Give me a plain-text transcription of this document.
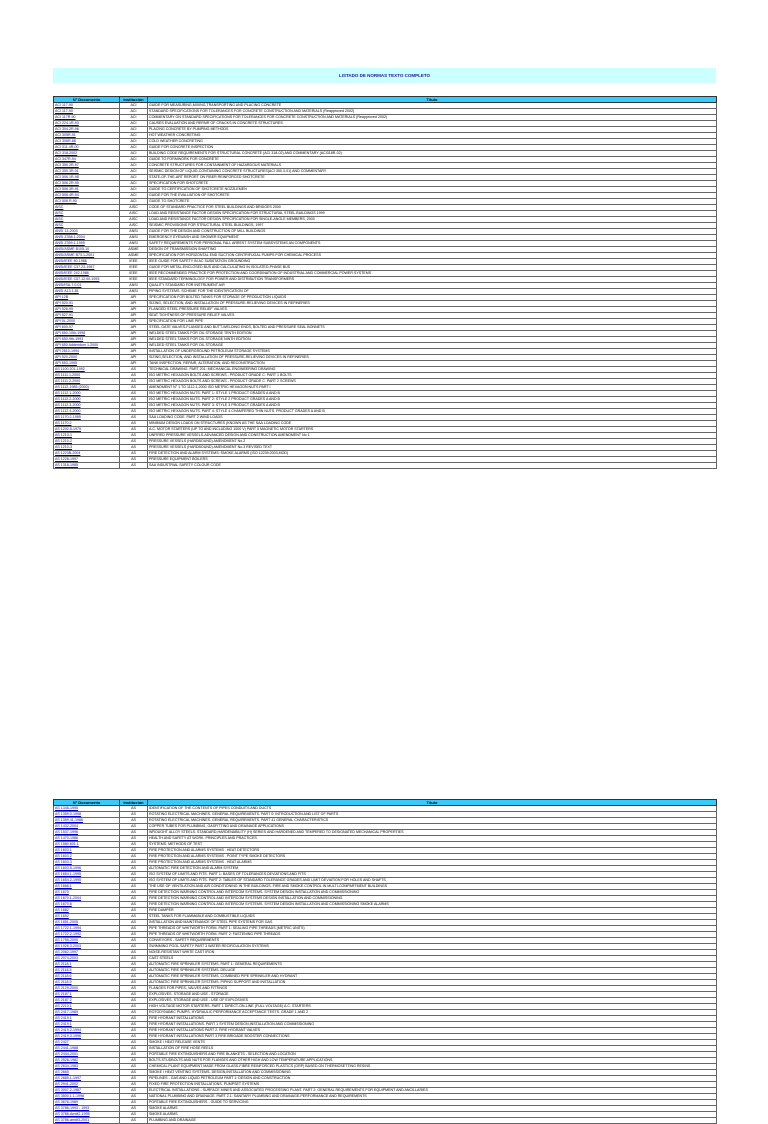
LISTADO DE NORMAS TEXTO COMPLETO
N° Documento	Institución	Título
ACI 117-90	ACI	GUIDE FOR MEASURING,MIXING,TRANSPORTING AND PLACING CONCRETE
ACI 117-90	ACI	STANDARD SPECIFICATIONS FOR TOLERANCES FOR CONCRETE CONSTRUCTION AND MATERIALS (Reapproved 2002)
ACI 117R-90	ACI	COMMENTARY ON STANDARD SPECIFICATIONS FOR TOLERANCES FOR CONCRETE CONSTRUCTION AND MATERIALS (Reapproved 2002)
ACI 224.1R-93	ACI	CAUSES EVALUATION AND REPAIR OF CRACKS IN CONCRETE STRUCTURES
ACI 304.2R-96	ACI	PLACING CONCRETE BY PUMPING METHODS
ACI 305R-91	ACI	HOT WEATHER CONCRETING
ACI 306R-88	ACI	COLD WEATHER CONCRETING
ACI 311.4R-00	ACI	GUIDE FOR CONCRETE INSPECTION
ACI 318-2002	ACI	BUILDING CODE REQUIREMENTS FOR STRUCTURAL CONCRETE (ACI 318-02) AND COMMENTARY (ACI318R-02)
ACI 347R-94	ACI	GUIDE TO FORMWORK FOR CONCRETE
ACI 350.2R-97	ACI	CONCRETE STRUCTURES FOR CONTAINMENT OF HAZARDOUS MATERIALS
ACI 350.3R-01	ACI	SEISMIC DESIGN OF LIQUID-CONTAINING CONCRETE STRUCTURES(ACI 350.3-01) AND COMMENTARY
ACI 506.1R-98	ACI	STATE-OF-THE-ART REPORT ON FIBER REINFORCED SHOTCRETE
ACI 506.2R-95	ACI	SPECIFICATION FOR SHOTCRETE
ACI 506.3R-91	ACI	GUIDE TO CERTIFICATION OF SHOTCRETE NOZZLEMEN
ACI 506.4R-94	ACI	GUIDE FOR THE EVALUATION OF SHOTCRETE
ACI 506.R-90	ACI	GUIDE TO SHOTCRETE
AISC	AISC	CODE OF STANDARD PRACTICE FOR STEEL BUILDINGS AND BRIDGES 2000
AISC	AISC	LOAD AND RESISTANCE FACTOR DESIGN SPECIFICATION FOR STRUCTURAL STEEL BUILDINGS 1999
AISC	AISC	LOAD AND RESISTANCE FACTOR DESIGN SPECIFICATION FOR SINGLE-ANGLE MEMBERS, 2000
AISC	AISC	SEISMIC PROVISIONS FOR STRUCTURAL STEEL BUILDINGS, 1997
ANSI 13-2003	ANSI	GUIDE FOR THE DESIGN AND CONSTRUCTION OF MILL BUILDINGS
ANSI Z358.1-2004	ANSI	EMERGENCY EYEWASH AND SHOWER EQUIPMENT
ANSI Z359.1-1999	ANSI	SAFETY REQUIREMENTS FOR PERSONAL FALL ARREST SYSTEM SUBSYSTEMS AN COMPONENTS
ANSI/ASME B105-10	ASME	DESIGN OF TRANSMISSION SHAFTING
ANSI/ASME B73.1-2001	ASME	SPECIFICATION FOR HORIZONTAL END SUCTION CENTRIFUGAL PUMPS FOR CHEMICAL PROCESS
ANSI/IEEE 80-1986	IEEE	IEEE GUIDE FOR SAFETY IN AC SUBSTATION GROUNDING
ANSI/IEEE C37.23-1987	IEEE	GUIDE FOR METAL-ENCLOSED BUS AND CALCULATING IN ISOLATED-PHASE BUS
ANSI/IEEE 242-1986	IEEE	IEEE RECOMMENDED PRACTICE FOR PROTECTION AND COORDINATION OF INDUSTRIAL AND COMMERCIAL POWER SYSTEMS
ANSI/IEEE C57.12.00-1993	IEEE	IEEE STANDARD TERMINOLOGY FOR POWER AND DISTRIBUTION TRANSFORMERS
ANSI/ISA-7.0.01	ANSI	QUALITY STANDARD FOR INSTRUMENT AIR
ANSI A13.1-81	ANSI	PIPING SYSTEMS. SCHEME FOR THE IDENTIFICATION OF
API 12B	API	SPECIFICATION FOR BOLTED TANKS FOR STORAGE OF PRODUCTION LIQUIDS
API 520-91	API	SIZING, SELECTION, AND INSTALLATION OF PRESSURE-RELIEVING DEVICES IN REFINERIES
API 526-95	API	FLANGED STEEL PRESSURE RELIEF VALVES
API 527-91	API	SEAT TIGHTNESS OF PRESSURE RELIEF VALVES
API 5L-2000	API	SPECIFICATION FOR LINE PIPE
API 600-97	API	STEEL GATE VALVES-FLANGED AND BUTT-WELDING ENDS, BOLTED AND PRESSURE SEAL BONNETS
API 650-10th-1998	API	WELDED STEEL TANKS FOR OIL STORAGE TENTH EDITION
API 650-9th-1993	API	WELDED STEEL TANKS FOR OIL STORAGE NINTH EDITION
API 650 Addendum 1-2000	API	WELDED STEEL TANKS FOR OIL STORAGE
API 2610-1994	API	INSTALLATION OF UNDERGROUND PETROLEUM STORAGE SYSTEMS
API 520-2000	API	SIZING,SELECTION, AND INSTALLATION OF PRESSURE-RELIEVING DEVICES IN REFINERIES
API 653-1995	API	TANK INSPECTION, REPAIR, ALTERATION, AND RECONSTRUCTION
AS 1100.201-1992	AS	TECHNICAL DRAWING. PART 201: MECHANICAL ENGINEERING DRAWING
AS 1111.1-2000	AS	ISO METRIC HEXAGON BOLTS AND SCREWS - PRODUCT GRADE C. PART 1 BOLTS
AS 1111.2-2000	AS	ISO METRIC HEXAGON BOLTS AND SCREWS - PRODUCT GRADE C. PART 2 SCREWS
AS 1112-1985 (2000)	AS	AMENDMENT N° 1 TO 1112.1-2000 ISO METRIC HEXAGON NUTS PART I
AS 1112.1-2000	AS	ISO METRIC HEXAGON NUTS. PART 1: STYLE 1 PRODUCT GRADES A AND B
AS 1112.2-2000	AS	ISO METRIC HEXAGON NUTS. PART 2: STYLE 2 PRODUCT GRADES A AND B
AS 1112.3-2000	AS	ISO METRIC HEXAGON NUTS. PART 3: STYLE 3 PRODUCT GRADES A AND B
AS 1112.4-2000	AS	ISO METRIC HEXAGON NUTS. PART 4: STYLE 4 CHAMFERED THIN NUTS. PRODUCT GRADES A AND B
AS 1170.2-1989	AS	SAA LOADING CODE. PART 2 WIND LOADS
AS 1170.2	AS	MINIMUM DESIGN LOADS ON STRUCTURES (KNOWN AS THE SAA LOADING CODE
AS 1202.5-1979	AS	A.C. MOTOR STARTERS (UP TO AND INCLUDING 1000 V) PART 5 MAGNETIC MOTOR STARTERS
AS 1210-1	AS	UNFIRED PRESSURE VESSELS-ADVANCED DESIGN AND CONSTRUCTION AMENDMENT No 1
AS 1210-2	AS	PRESSURE VESSELS (HARDBOUND) AMENDMENT No.2
AS 1210-3	AS	PRESSURE VESSELS (HARDBOUND) AMENDMENT No.3 REVISED TEXT
AS 1223B-2004	AS	FIRE DETECTION AND ALARM SYSTEMS: SMOKE ALARMS (ISO 12239:2003,MOD)
AS 1228-1997	AS	PRESSURE EQUIPMENT BOILERS
AS 1318-1985	AS	SAA INDUSTRIAL SAFETY COLOUR CODE
N° Documento	Institución	Título
AS 1345-1995	AS	IDENTIFICATION OF THE CONTENTS OF PIPES CONDUITS AND DUCTS
AS 1359.0-1998	AS	ROTATING ELECTRICAL MACHINES. GENERAL REQUIREMENTS. PART 0: INTRODUCTION AND LIST OF PARTS
AS 1359.41-1986	AS	ROTATING ELECTRICAL MACHINES. GENERAL REQUIREMENTS. PART 41 GENERAL CHARACTERISTICS
AS 1432-2004	AS	COPPER TUBES FOR PLUMBING, GASFITTING AND DRAINAGE APPLICATIONS
AS 1537-1996	AS	WROUGHT ALLOY STEELS. STANDARD,HARDENABILITY (H) SERIES AND HARDENED AND TEMPERED TO DESIGNATED MECHANICAL PROPERTIES
AS 1470-1986	AS	HEALTH AND SAFETY AT WORK. PRINCIPLES AND PRACTICES
AS 1580.601.1	AS	SYSTEMS. METHODS OF TEST
AS 1603.1	AS	FIRE PROTECTION AND ALARMS SYSTEMS . HEAT DETECTORS
AS 1603.2	AS	FIRE PROTECTION AND ALARMS SYSTEMS . POINT TYPE SMOKE DETECTORS
AS 1603.3	AS	FIRE PROTECTION AND ALARMS SYSTEMS . HEAT ALARMS
AS 1603.5-1996	AS	AUTOMATIC FIRE DETECTION AND ALARM SYSTEM
AS 1654.1-1995	AS	ISO SYSTEM OF LIMITS AND FITS. PART 1: BASES OF TOLERANCES,DEVIATIONS AND FITS
AS 1654.2-1995	AS	ISO SYSTEM OF LIMITS AND FITS. PART 2: TABLES OF STANDARD TOLERANCE GRADES AND LIMIT DEVIATION FOR HOLES AND SHAFTS
AS 1668.1	AS	THE USE OF VENTILATION AND AIR CONDITIONING IN THE BUILDINGS. FIRE AND SMOKE CONTROL IN MULTI-COMPARTMENT BUILDINGS
AS 1670	AS	FIRE DETECTION WARNING CONTROL AND INTERCOM SYSTEMS. SYSTEM DESIGN INSTALLATION AND COMMISSIONING
AS 1670.1-2004	AS	FIRE DETECTION WARNING CONTROL AND INTERCOM SYSTEMS DESIGN INSTALLATION AND COMMISSIONING
AS 1670.6	AS	FIRE DETECTION WARNING CONTROL AND INTERCOM SYSTEMS. SYSTEM DESIGN INSTALLATION AND COMMISSIONING SMOKE ALARMS
AS 1682	AS	FIRE DAMPER
AS 1692	AS	STEEL TANKS FOR FLAMMABLE AND COMBUSTIBLE LIQUIDS
AS 1851-2005	AS	INSTALLATION AND MAINTENANCE OF STEEL PIPE SYSTEMS FOR GAS
AS 1722.1-1994	AS	PIPE THREADS OF WHITWORTH FORM. PART 1: SEALING PIPE THREADS (METRIC UNITS)
AS 1722.2-1992	AS	PIPE THREADS OF WHITWORTH FORM. PART 2: FASTENING PIPE THREADS
AS 1755-2000	AS	CONVEYORS - SAFETY REQUIREMENTS
AS 1926.3-2003	AS	SWIMMING POOL SAFETY PART 3 WATER RECIRCULATION SYSTEMS
AS 2062-1997	AS	NOISE-RESISTANT WHITE CAST IRON
AS 2074-2003	AS	CAST STEELS
AS 2118.1	AS	AUTOMATIC FIRE SPRINKLER SYSTEMS. PART 1: GENERAL REQUIREMENTS
AS 2118.5	AS	AUTOMATIC FIRE SPRINKLER SYSTEMS. DELUGE
AS 2118.6	AS	AUTOMATIC FIRE SPRINKLER SYSTEMS. COMBINED PIPE SPRINKLER AND HYDRANT
AS 2118.9	AS	AUTOMATIC FIRE SPRINKLER SYSTEMS. PIPING SUPPORT AND INSTALLATION
AS 2129-2000	AS	FLANGES FOR PIPES, VALVES AND FITTINGS
AS 2187.1	AS	EXPLOSIVES. STORAGE AND USE - STORAGE
AS 2187.2	AS	EXPLOSIVES. STORAGE AND USE - USE OF EXPLOSIVES
AS 2210.1	AS	HIGH VOLTAGE MOTOR STARTERS. PART 1 DIRECT-ON-LINE (FULL VOLTAGE) A.C. STARTERS
AS 2417-1989	AS	ROTODYNAMIC PUMPS. HYDRAULIC PERFORMANCE ACCEPTANCE TESTS. GRADE 1 AND 2
AS 2419.1	AS	FIRE HYDRANT INSTALLATIONS
AS 2419.1	AS	FIRE HYDRANT INSTALLATIONS. PART 1 SYSTEM DESIGN,INSTALLATION AND COMMISSIONING
AS 2419.2-1994	AS	FIRE HYDRANT INSTALLATIONS PART 2. FIRE HYDRANT VALVES
AS 2419.3-1996	AS	FIRE HYDRANT INSTALLATIONS PART 3 FIRE BRIGADE BOOSTER CONNECTIONS
AS 2427	AS	SMOKE / HEAT RELEASE VENTS
AS 2441-1988	AS	INSTALLATION OF FIRE HOSE REELS
AS 2444-2001	AS	PORTABLE FIRE EXTINGUISHERS AND FIRE BLANKETS - SELECTION AND LOCATION
AS 2528-1982	AS	BOLTS,STUDBOLTS AND NUTS FOR FLANGES AND OTHER HIGH AND LOW TEMPERATURE APPLICATIONS
AS 2634-1983	AS	CHEMICAL PLANT EQUIPMENT MADE FROM GLASS-FIBRE REINFORCED PLASTICS (GRP) BASED ON THERMOSETTING RESINS
AS 2665	AS	SMOKE / HEAT VENTING SYSTEMS- DESIGN,INSTALLATION AND COMMISSIONING
AS 2885.1-1997	AS	PIPELINES - GAS AND LIQUID PETROLEUM PART 1: DESIGN AND CONSTRUCTION
AS 2941-2002	AS	FIXED FIRE PROTECTION INSTALLATIONS. PUMPSET SYSTEMS
AS 3007.2-1987	AS	ELECTRICAL INSTALLATIONS - SURFACE MINES AND ASSOCIATED PROCESSING PLANT. PART 2: GENERAL REQUIREMENTS FOR EQUIPMENT AND ANCILLARIES
AS 3500.1.1-1998	AS	NATIONAL PLUMBING AND DRAINAGE. PART 2.1: SANITARY PLUMBING AND DRAINAGE-PERFORMANCE AND REQUIREMENTS
AS 3676-1989	AS	PORTABLE FIRE EXTINGUISHERS - GUIDE TO SERVICING
AS 3786-1993 - 1993	AS	SMOKE ALARMS
AS 3786-Amdt2-1995	AS	SMOKE ALARMS
AS 3786-amdt3-2001	AS	PLUMBING AND DRAINAGE
